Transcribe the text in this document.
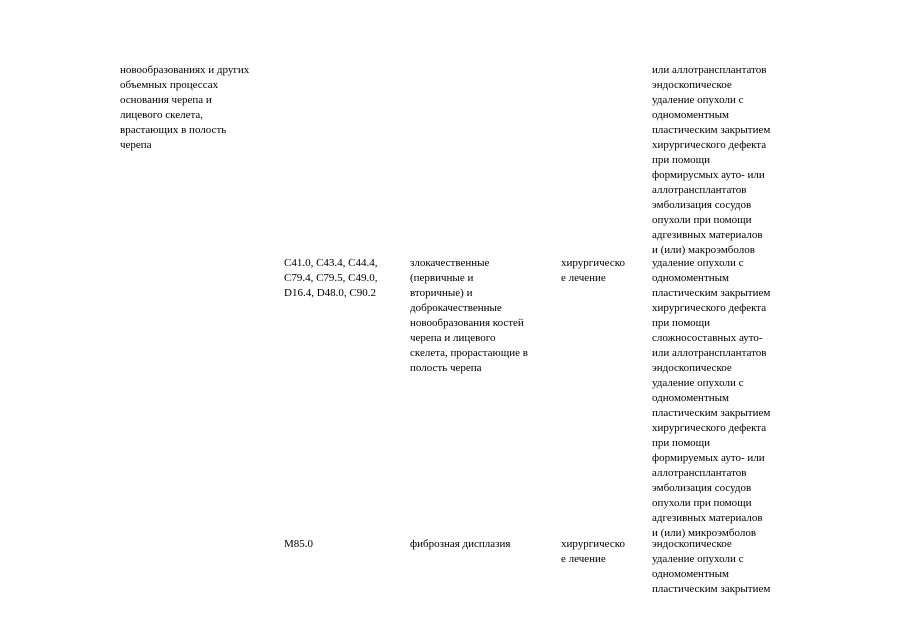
новообразованиях и других
объемных процессах
основания черепа и
лицевого скелета,
врастающих в полость
черепа
или аллотрансплантатов
эндоскопическое
удаление опухоли с
одномоментным
пластическим закрытием
хирургического дефекта
при помощи
формирусмых ауто- или
аллотрансплантатов
эмболизация сосудов
опухоли при помощи
адгезивных материалов
и (или) макроэмболов
C41.0, C43.4, C44.4,
C79.4, C79.5, C49.0,
D16.4, D48.0, C90.2
злокачественные
(первичные и
вторичные) и
доброкачественные
новообразования костей
черепа и лицевого
скелета, прорастающие в
полость черепа
хирургическо
е лечение
удаление опухоли с
одномоментным
пластическим закрытием
хирургического дефекта
при помощи
сложносоставных ауто-
или аллотрансплантатов
эндоскопическое
удаление опухоли с
одномоментным
пластическим закрытием
хирургического дефекта
при помощи
формируемых ауто- или
аллотрансплантатов
эмболизация сосудов
опухоли при помощи
адгезивных материалов
и (или) микроэмболов
M85.0	фиброзная дисплазия	хирургическо
е лечение
эндоскопическое
удаление опухоли с
одномоментным
пластическим закрытием
